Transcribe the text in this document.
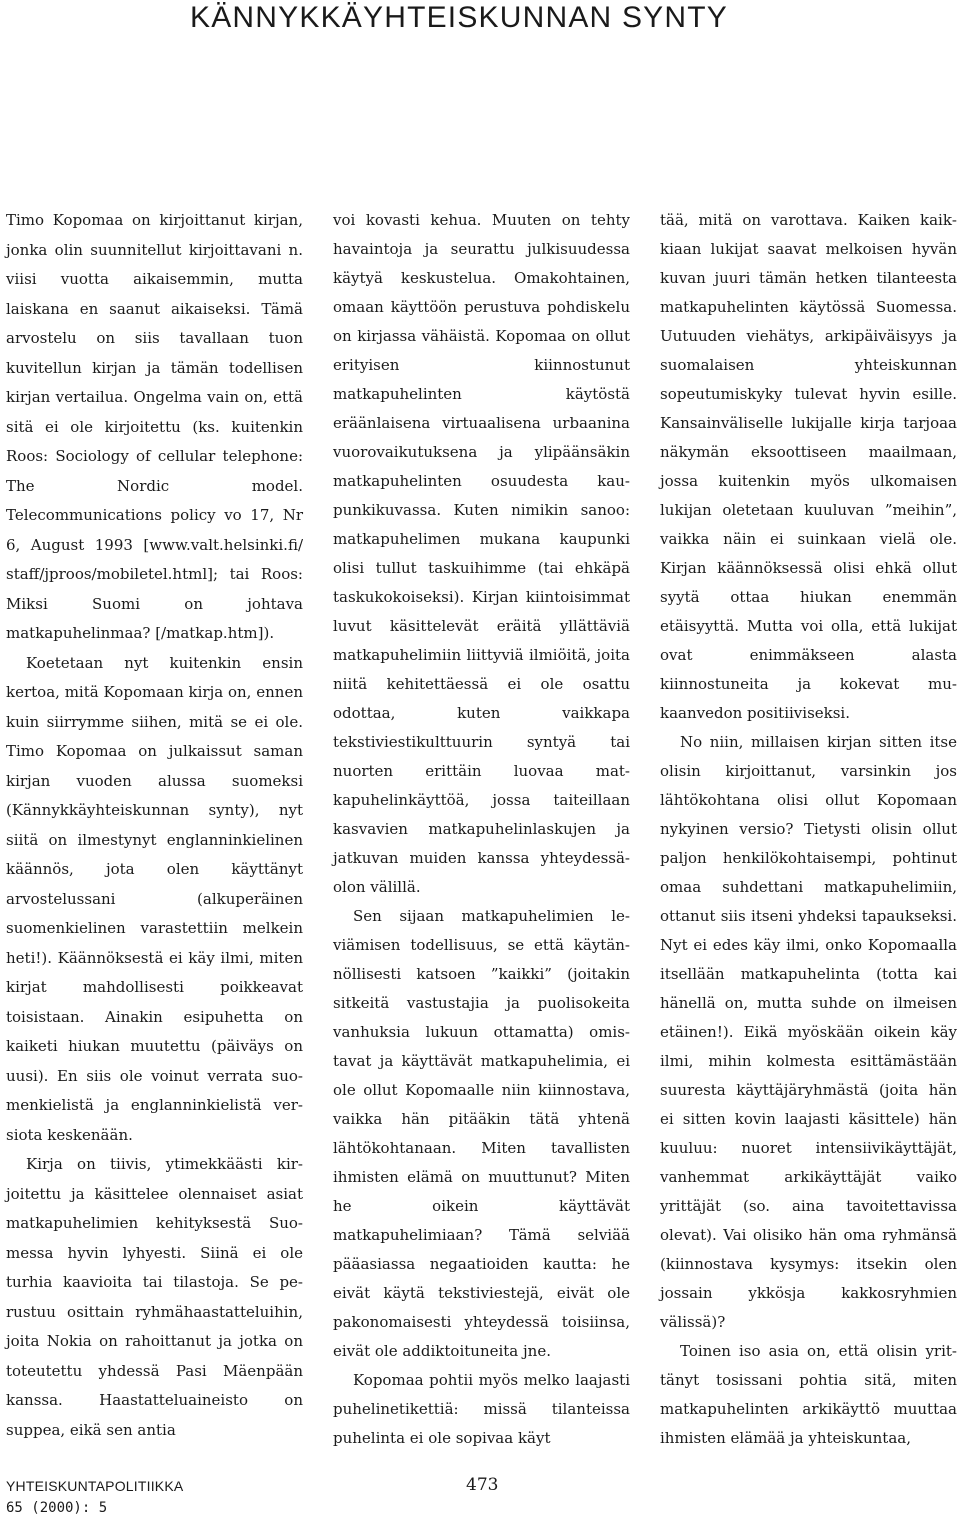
KÄNNYKKÄYHTEISKUNNAN SYNTY

Timo Kopomaa on kirjoittanut kirjan, jonka olin suunnitellut kirjoittavani n. viisi vuotta aikaisemmin, mutta laiskana en saanut aikaiseksi. Tämä arvostelu on siis tavallaan tuon kuvitellun kirjan ja tämän todellisen kirjan vertailua. Ongelma vain on, että sitä ei ole kirjoitettu (ks. kuitenkin Roos: Sociology of cellular telephone: The Nordic model. Telecommunications policy vo 17, Nr 6, August 1993 [www.valt.​helsinki.fi/​staff/​jproos/​mobiletel.ht​ml]; tai Roos: Miksi Suomi on johtava matkapuhelinmaa? [/matkap.htm]).

Koetetaan nyt kuitenkin ensin kertoa, mitä Kopomaan kirja on, ennen kuin siirrymme siihen, mitä se ei ole. Timo Kopomaa on julkaissut saman kirjan vuoden alussa suomeksi (Kännykkäyhteiskunnan synty), nyt siitä on ilmestynyt englanninkielinen käännös, jota olen käyttänyt arvostelussani (alkuperäinen suomenkielinen varastettiin melkein heti!). Käännöksestä ei käy ilmi, miten kirjat mahdollisesti poikkeavat toisistaan. Ainakin esipuhetta on kaiketi hiukan muutettu (päiväys on uusi). En siis ole voinut verrata suomenkielistä ja englanninkielistä versiota keskenään.

Kirja on tiivis, ytimekkäästi kirjoitettu ja käsittelee olennaiset asiat matkapuhelimien kehityksestä Suomessa hyvin lyhyesti. Siinä ei ole turhia kaavioita tai tilastoja. Se perustuu osittain ryhmähaastatteluihin, joita Nokia on rahoittanut ja jotka on toteutettu yhdessä Pasi Mäenpään kanssa. Haastatteluaineisto on suppea, eikä sen antia

voi kovasti kehua. Muuten on tehty havaintoja ja seurattu julkisuudessa käytyä keskustelua. Omakohtainen, omaan käyttöön perustuva pohdiskelu on kirjassa vähäistä. Kopomaa on ollut erityisen kiinnostunut matkapuhelinten käytöstä eräänlaisena virtuaalisena urbaanina vuorovaikutuksena ja ylipäänsäkin matkapuhelinten osuudesta kaupunkikuvassa. Kuten nimikin sanoo: matkapuhelimen mukana kaupunki olisi tullut taskuihimme (tai ehkäpä taskukokoiseksi). Kirjan kiintoisimmat luvut käsittelevät eräitä yllättäviä matkapuhelimiin liittyviä ilmiöitä, joita niitä kehitettäessä ei ole osattu odottaa, kuten vaikkapa tekstiviestikulttuurin syntyä tai nuorten erittäin luovaa matkapuhelinkäyttöä, jossa taiteillaan kasvavien matkapuhelinlaskujen ja jatkuvan muiden kanssa yhteydessäolon välillä.

Sen sijaan matkapuhelimien leviämisen todellisuus, se että käytännöllisesti katsoen ”kaikki” (joitakin sitkeitä vastustajia ja puolisokeita vanhuksia lukuun ottamatta) omistavat ja käyttävät matkapuhelimia, ei ole ollut Kopomaalle niin kiinnostava, vaikka hän pitääkin tätä yhtenä lähtökohtanaan. Miten tavallisten ihmisten elämä on muuttunut? Miten he oikein käyttävät matkapuhelimiaan? Tämä selviää pääasiassa negaatioiden kautta: he eivät käytä tekstiviestejä, eivät ole pakonomaisesti yhteydessä toisiinsa, eivät ole addiktoituneita jne.

Kopomaa pohtii myös melko laajasti puhelinetikettiä: missä tilanteissa puhelinta ei ole sopivaa käyt

tää, mitä on varottava. Kaiken kaikkiaan lukijat saavat melkoisen hyvän kuvan juuri tämän hetken tilanteesta matkapuhelinten käytössä Suomessa. Uutuuden viehätys, arkipäiväisyys ja suomalaisen yhteiskunnan sopeutumiskyky tulevat hyvin esille. Kansainväliselle lukijalle kirja tarjoaa näkymän eksoottiseen maailmaan, jossa kuitenkin myös ulkomaisen lukijan oletetaan kuuluvan ”meihin”, vaikka näin ei suinkaan vielä ole. Kirjan käännöksessä olisi ehkä ollut syytä ottaa hiukan enemmän etäisyyttä. Mutta voi olla, että lukijat ovat enimmäkseen alasta kiinnostuneita ja kokevat mukaanvedon positiiviseksi.

No niin, millaisen kirjan sitten itse olisin kirjoittanut, varsinkin jos lähtökohtana olisi ollut Kopomaan nykyinen versio? Tietysti olisin ollut paljon henkilökohtaisempi, pohtinut omaa suhdettani matkapuhelimiin, ottanut siis itseni yhdeksi tapaukseksi. Nyt ei edes käy ilmi, onko Kopomaalla itsellään matkapuhelinta (totta kai hänellä on, mutta suhde on ilmeisen etäinen!). Eikä myöskään oikein käy ilmi, mihin kolmesta esittämästään suuresta käyttäjäryhmästä (joita hän ei sitten kovin laajasti käsittele) hän kuuluu: nuoret intensiivikäyttäjät, vanhemmat arkikäyttäjät vaiko yrittäjät (so. aina tavoitettavissa olevat). Vai olisiko hän oma ryhmänsä (kiinnostava kysymys: itsekin olen jossain ykkösja kakkosryhmien välissä)?

Toinen iso asia on, että olisin yrittänyt tosissani pohtia sitä, miten matkapuhelinten arkikäyttö muuttaa ihmisten elämää ja yhteiskuntaa,

YHTEISKUNTAPOLITIIKKA
65 (2000): 5
473
